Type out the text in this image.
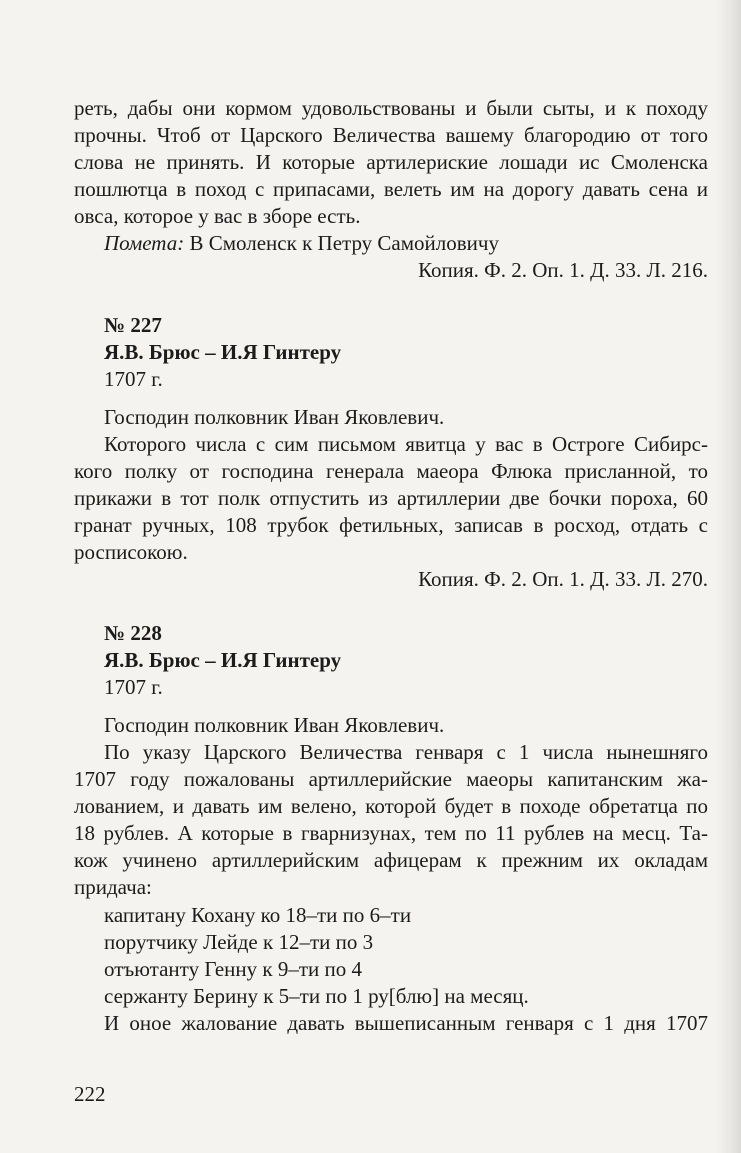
реть, дабы они кормом удовольствованы и были сыты, и к походу
прочны. Чтоб от Царского Величества вашему благородию от того
слова не принять. И которые артилериские лошади ис Смоленска
пошлютца в поход с припасами, велеть им на дорогу давать сена и
овса, которое у вас в зборе есть.
Помета: В Смоленск к Петру Самойловичу
Копия. Ф. 2. Оп. 1. Д. 33. Л. 216.
№ 227
Я.В. Брюс – И.Я Гинтеру
1707 г.
Господин полковник Иван Яковлевич.
Которого числа с сим письмом явитца у вас в Остроге Сибирс-
кого полку от господина генерала маеора Флюка присланной, то
прикажи в тот полк отпустить из артиллерии две бочки пороха, 60
гранат ручных, 108 трубок фетильных, записав в росход, отдать с
росписокою.
Копия. Ф. 2. Оп. 1. Д. 33. Л. 270.
№ 228
Я.В. Брюс – И.Я Гинтеру
1707 г.
Господин полковник Иван Яковлевич.
По указу Царского Величества генваря с 1 числа нынешняго
1707 году пожалованы артиллерийские маеоры капитанским жа-
лованием, и давать им велено, которой будет в походе обретатца по
18 рублев. А которые в гварнизунах, тем по 11 рублев на месц. Та-
кож учинено артиллерийским афицерам к прежним их окладам
придача:
капитану Кохану ко 18–ти по 6–ти
порутчику Лейде к 12–ти по 3
отъютанту Генну к 9–ти по 4
сержанту Берину к 5–ти по 1 ру[блю] на месяц.
И оное жалование давать вышеписанным генваря с 1 дня 1707
222
